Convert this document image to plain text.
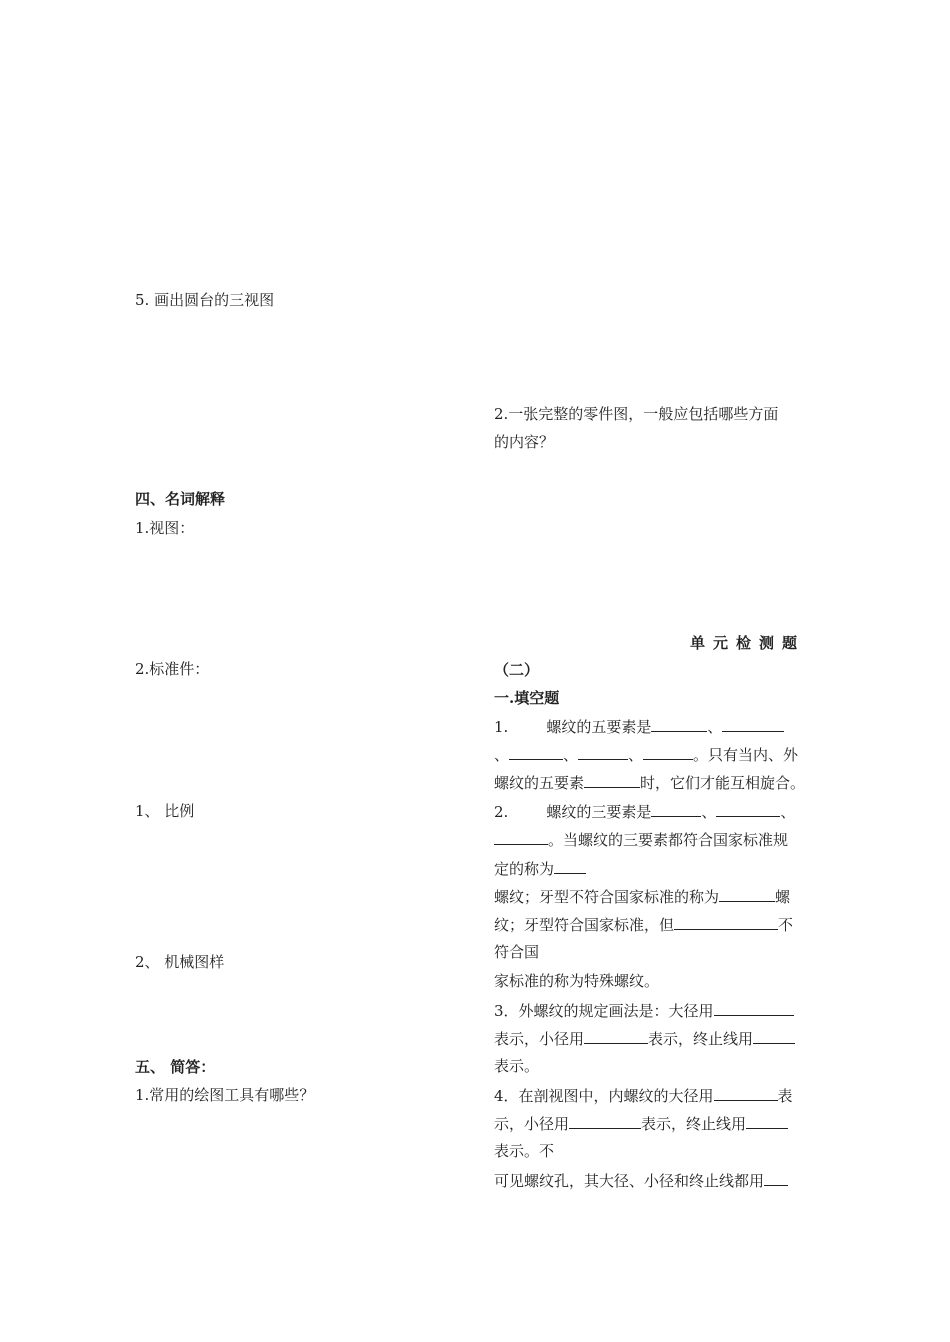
5. 画出圆台的三视图
四、名词解释
1.视图：
2.标准件：
1、 比例
2、 机械图样
五、 简答：
1.常用的绘图工具有哪些？
2.一张完整的零件图，一般应包括哪些方面
的内容？
单元检测题
（二）
一.填空题
1.	螺纹的五要素是	、
、	、	、	。只有当内、外
螺纹的五要素	时，它们才能互相旋合。
2.	螺纹的三要素是	、	、
。当螺纹的三要素都符合国家标准规
定的称为
螺纹；牙型不符合国家标准的称为	螺
纹；牙型符合国家标准，但	不
符合国
家标准的称为特殊螺纹。
3．外螺纹的规定画法是：大径用
表示，小径用	表示，终止线用
表示。
4．在剖视图中，内螺纹的大径用	表
示，小径用	表示，终止线用
表示。不
可见螺纹孔，其大径、小径和终止线都用
